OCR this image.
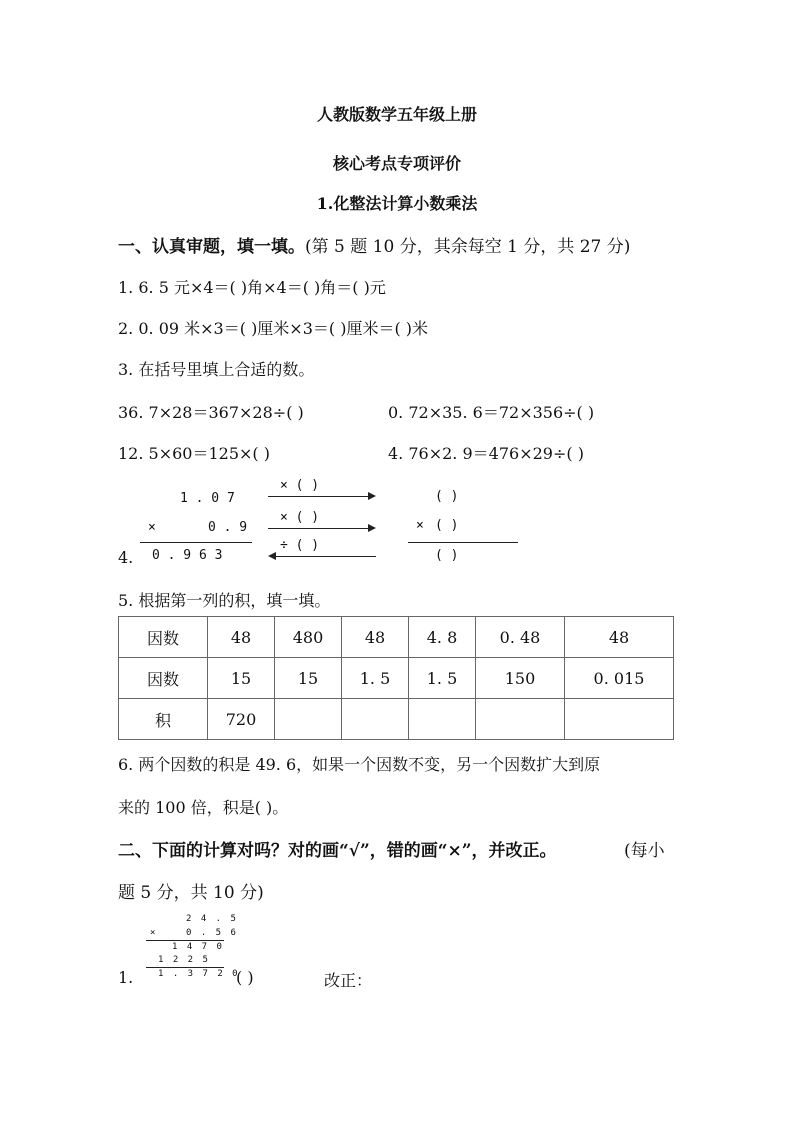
人教版数学五年级上册
核心考点专项评价
1.化整法计算小数乘法
一、认真审题，填一填。(第 5 题 10 分，其余每空 1 分，共 27 分)
1. 6. 5 元×4＝( )角×4＝( )角＝( )元
2. 0. 09 米×3＝( )厘米×3＝( )厘米＝( )米
3. 在括号里填上合适的数。
36. 7×28＝367×28÷( )	0. 72×35. 6＝72×356÷( )
12. 5×60＝125×( )	4. 76×2. 9＝476×29÷( )
4.
1 . 0 7
×	0 . 9
0 . 9 6 3
× ( )
× ( )
÷ ( )
( )
× ( )
( )
5. 根据第一列的积，填一填。
因数	48	480	48	4. 8	0. 48	48
因数	15	15	1. 5	1. 5	150	0. 015
积	720					
6. 两个因数的积是 49. 6，如果一个因数不变，另一个因数扩大到原
来的 100 倍，积是( )。
二、下面的计算对吗？对的画“√”，错的画“×”，并改正。	(每小
题 5 分，共 10 分)
2 4 . 5
×	0 . 5 6
1 4 7 0
1 2 2 5
1 . 3 7 2 0
1.	( )	改正：
